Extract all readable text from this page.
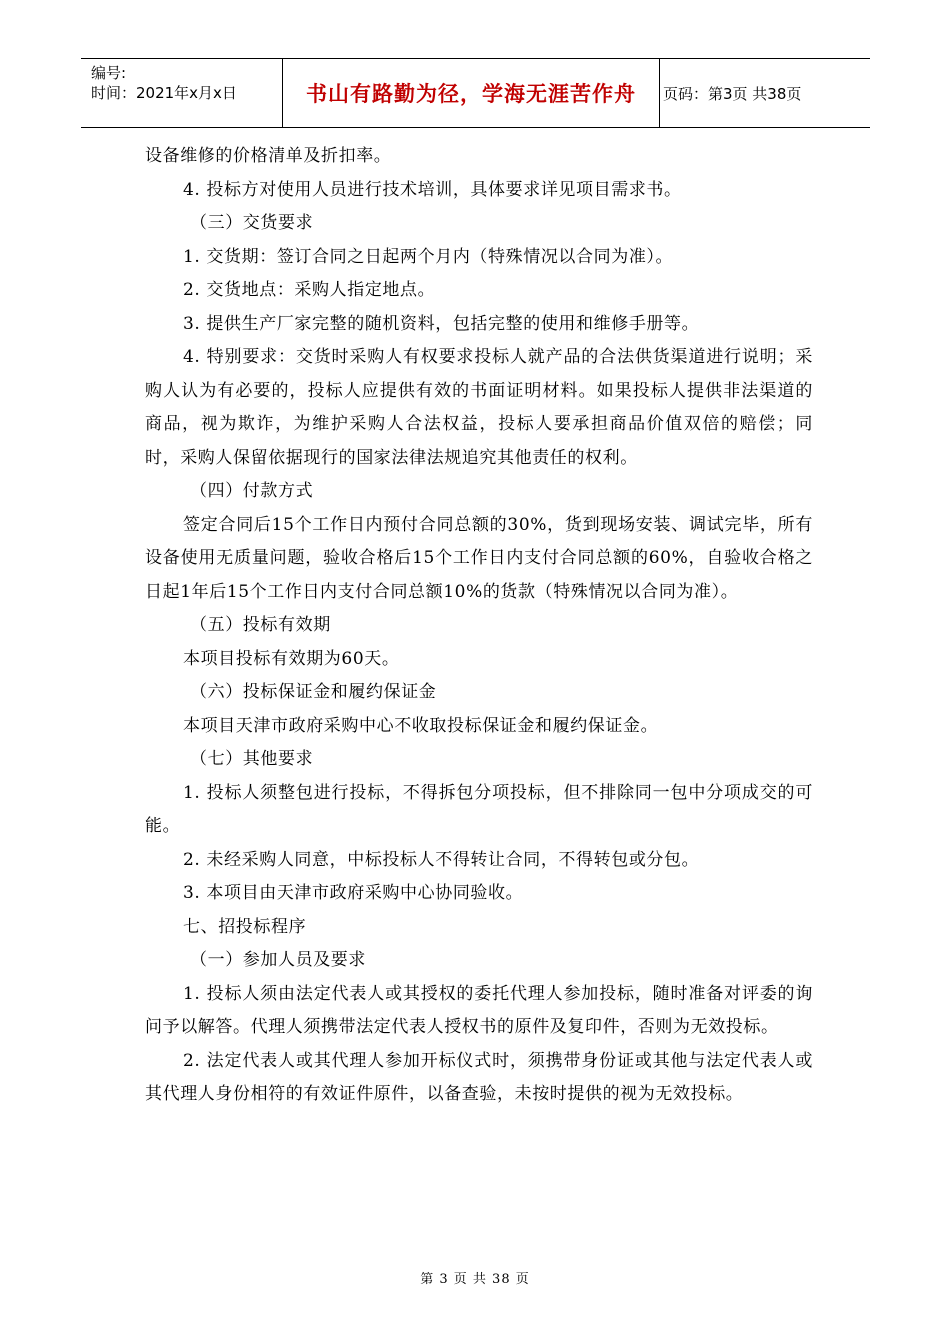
编号:
时间：2021年x月x日	书山有路勤为径，学海无涯苦作舟	页码：第3页 共38页

设备维修的价格清单及折扣率。

4. 投标方对使用人员进行技术培训，具体要求详见项目需求书。

（三）交货要求

1. 交货期：签订合同之日起两个月内（特殊情况以合同为准）。

2. 交货地点：采购人指定地点。

3. 提供生产厂家完整的随机资料，包括完整的使用和维修手册等。

4. 特别要求：交货时采购人有权要求投标人就产品的合法供货渠道进行说明；采购人认为有必要的，投标人应提供有效的书面证明材料。如果投标人提供非法渠道的商品，视为欺诈，为维护采购人合法权益，投标人要承担商品价值双倍的赔偿；同时，采购人保留依据现行的国家法律法规追究其他责任的权利。

（四）付款方式

签定合同后15个工作日内预付合同总额的30%，货到现场安装、调试完毕，所有设备使用无质量问题，验收合格后15个工作日内支付合同总额的60%，自验收合格之日起1年后15个工作日内支付合同总额10%的货款（特殊情况以合同为准）。

（五）投标有效期

本项目投标有效期为60天。

（六）投标保证金和履约保证金

本项目天津市政府采购中心不收取投标保证金和履约保证金。

（七）其他要求

1. 投标人须整包进行投标，不得拆包分项投标，但不排除同一包中分项成交的可能。

2. 未经采购人同意，中标投标人不得转让合同，不得转包或分包。

3. 本项目由天津市政府采购中心协同验收。

七、招投标程序

（一）参加人员及要求

1. 投标人须由法定代表人或其授权的委托代理人参加投标，随时准备对评委的询问予以解答。代理人须携带法定代表人授权书的原件及复印件，否则为无效投标。

2. 法定代表人或其代理人参加开标仪式时，须携带身份证或其他与法定代表人或其代理人身份相符的有效证件原件，以备查验，未按时提供的视为无效投标。

第 3 页 共 38 页
